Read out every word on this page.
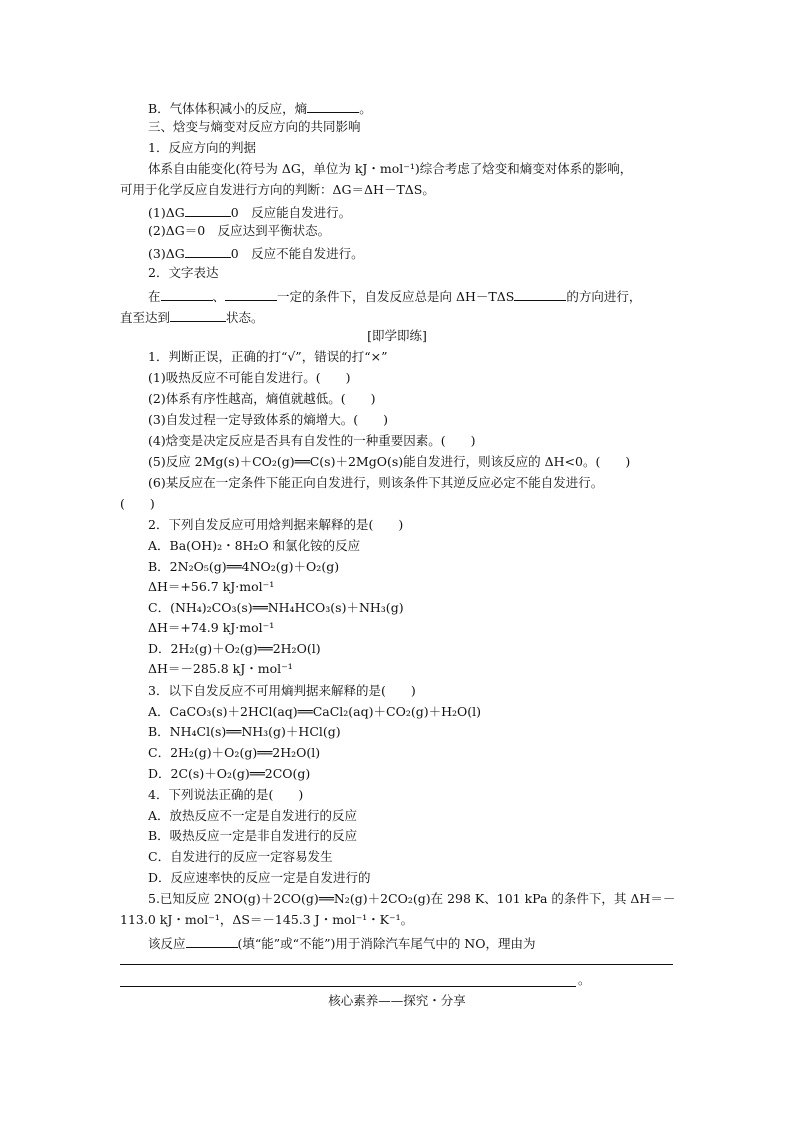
B．气体体积减小的反应，熵	。
三、焓变与熵变对反应方向的共同影响
1．反应方向的判据
体系自由能变化(符号为 ΔG，单位为 kJ・mol⁻¹)综合考虑了焓变和熵变对体系的影响，
可用于化学反应自发进行方向的判断：ΔG＝ΔH－TΔS。
(1)ΔG	0　反应能自发进行。
(2)ΔG＝0　反应达到平衡状态。
(3)ΔG	0　反应不能自发进行。
2．文字表达
在	、	一定的条件下，自发反应总是向 ΔH－TΔS	的方向进行，
直至达到	状态。
[即学即练]
1．判断正误，正确的打“√”，错误的打“×”
(1)吸热反应不可能自发进行。(　　)
(2)体系有序性越高，熵值就越低。(　　)
(3)自发过程一定导致体系的熵增大。(　　)
(4)焓变是决定反应是否具有自发性的一种重要因素。(　　)
(5)反应 2Mg(s)＋CO₂(g)══C(s)＋2MgO(s)能自发进行，则该反应的 ΔH<0。(　　)
(6)某反应在一定条件下能正向自发进行，则该条件下其逆反应必定不能自发进行。
(　　)
2．下列自发反应可用焓判据来解释的是(　　)
A．Ba(OH)₂・8H₂O 和氯化铵的反应
B．2N₂O₅(g)══4NO₂(g)＋O₂(g)
ΔH＝+56.7 kJ·mol⁻¹
C．(NH₄)₂CO₃(s)══NH₄HCO₃(s)＋NH₃(g)
ΔH＝+74.9 kJ·mol⁻¹
D．2H₂(g)＋O₂(g)══2H₂O(l)
ΔH＝－285.8 kJ・mol⁻¹
3．以下自发反应不可用熵判据来解释的是(　　)
A．CaCO₃(s)＋2HCl(aq)══CaCl₂(aq)＋CO₂(g)＋H₂O(l)
B．NH₄Cl(s)══NH₃(g)＋HCl(g)
C．2H₂(g)＋O₂(g)══2H₂O(l)
D．2C(s)＋O₂(g)══2CO(g)
4．下列说法正确的是(　　)
A．放热反应不一定是自发进行的反应
B．吸热反应一定是非自发进行的反应
C．自发进行的反应一定容易发生
D．反应速率快的反应一定是自发进行的
5.已知反应 2NO(g)＋2CO(g)══N₂(g)＋2CO₂(g)在 298 K、101 kPa 的条件下，其 ΔH＝－
113.0 kJ・mol⁻¹，ΔS＝－145.3 J・mol⁻¹・K⁻¹。
该反应	(填“能”或“不能”)用于消除汽车尾气中的 NO，理由为
。
核心素养——探究・分享
